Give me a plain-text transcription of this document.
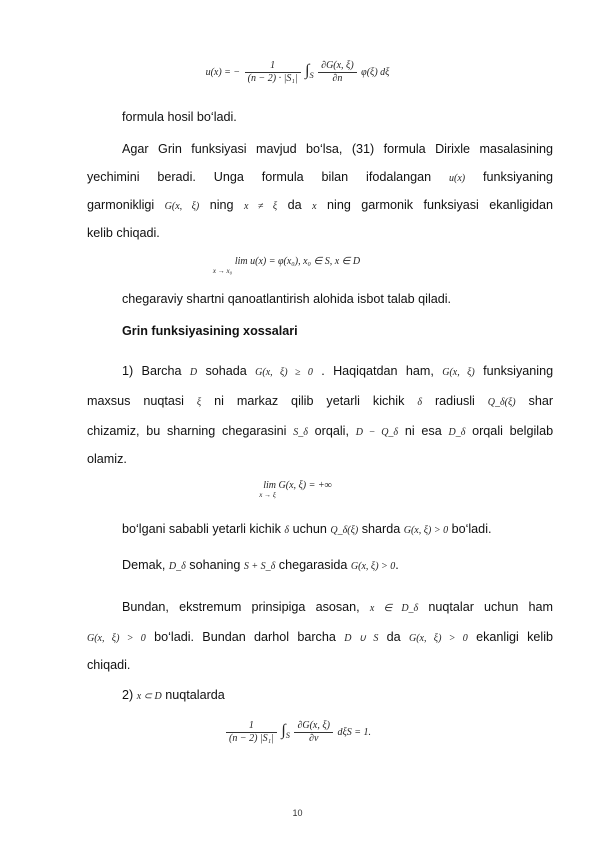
u(x) = − $\frac{1}{\text{(n − 2) · |S₁|}} \int_S \frac{\partial G(x, \xi)}{\partial n} \varphi(\xi)$ dξ
formula hosil bo‘ladi.
Agar Grin funksiyasi mavjud bo‘lsa, (31) formula Dirixle masalasining
yechimini beradi. Unga formula bilan ifodalangan u(x) funksiyaning
garmonikligi G(x, ξ) ning x ≠ ξ da x ning garmonik funksiyasi ekanligidan
kelib chiqadi.
lim u(x) = φ(x₀), x₀ ∈ S, x ∈ D
x → x₀
chegaraviy shartni qanoatlantirish alohida isbot talab qiladi.
Grin funksiyasining xossalari
1) Barcha D sohada G(x, ξ) ≥ 0 . Haqiqatdan ham, G(x, ξ) funksiyaning
maxsus nuqtasi ξ ni markaz qilib yetarli kichik δ radiusli Q_δ(ξ) shar
chizamiz, bu sharning chegarasini S_δ orqali, D − Q_δ ni esa D_δ orqali belgilab
olamiz.
lim G(x, ξ) = +∞
x → ξ
bo‘lgani sababli yetarli kichik δ uchun Q_δ(ξ) sharda G(x, ξ) > 0 bo‘ladi.
Demak, D_δ sohaning S + S_δ chegarasida G(x, ξ) > 0.
Bundan, ekstremum prinsipiga asosan, x ∈ D_δ nuqtalar uchun ham
G(x, ξ) > 0 bo‘ladi. Bundan darhol barcha D ∪ S da G(x, ξ) > 0 ekanligi kelib
chiqadi.
2) x ⊂ D nuqtalarda
$\frac{1}{\text{(n − 2) |S₁|}} \int_S \frac{\partial G(x, \xi)}{\partial\nu}$ dξS = 1.
10
